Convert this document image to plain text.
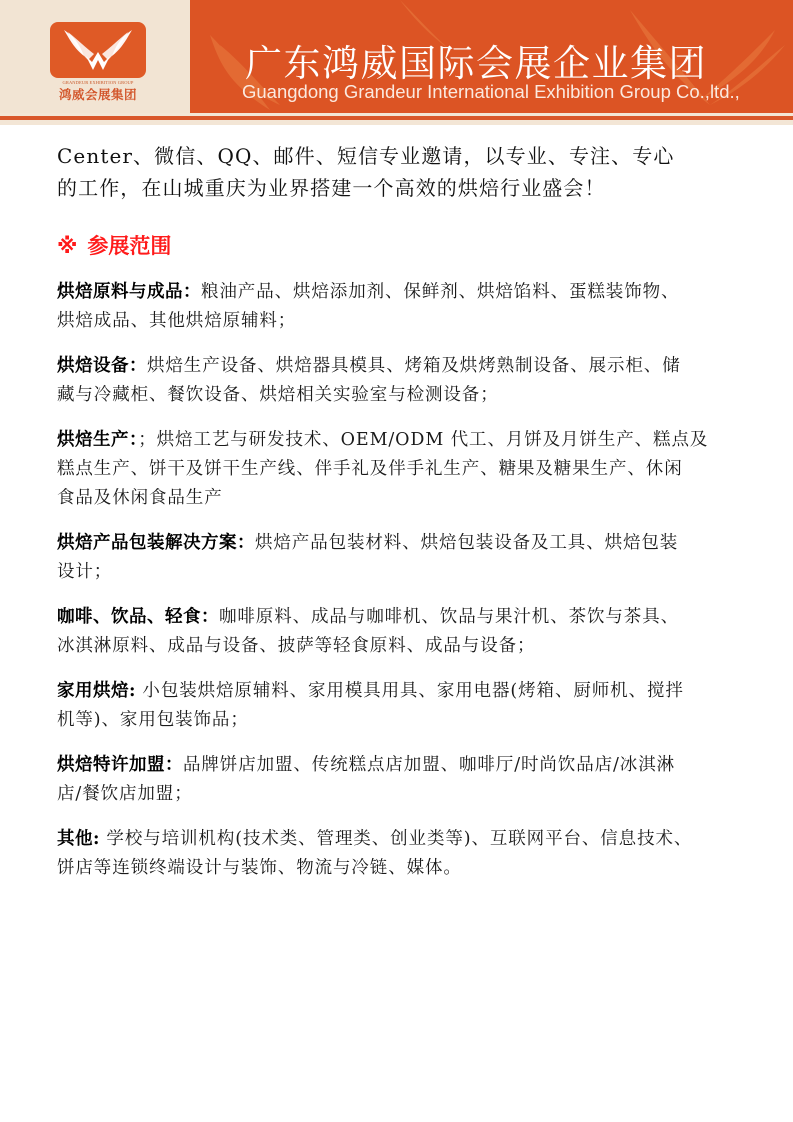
GRANDEUR EXHIBITION GROUP
鸿威会展集团
广东鸿威国际会展企业集团
Guangdong Grandeur International Exhibition Group Co.,ltd.,

Center、微信、QQ、邮件、短信专业邀请，以专业、专注、专心

的工作，在山城重庆为业界搭建一个高效的烘焙行业盛会！

※ 参展范围
烘焙原料与成品：粮油产品、烘焙添加剂、保鲜剂、烘焙馅料、蛋糕装饰物、
烘焙成品、其他烘焙原辅料；
烘焙设备：烘焙生产设备、烘焙器具模具、烤箱及烘烤熟制设备、展示柜、储
藏与冷藏柜、餐饮设备、烘焙相关实验室与检测设备；
烘焙生产：；烘焙工艺与研发技术、OEM/ODM 代工、月饼及月饼生产、糕点及
糕点生产、饼干及饼干生产线、伴手礼及伴手礼生产、糖果及糖果生产、休闲
食品及休闲食品生产
烘焙产品包装解决方案：烘焙产品包装材料、烘焙包装设备及工具、烘焙包装
设计；
咖啡、饮品、轻食：咖啡原料、成品与咖啡机、饮品与果汁机、茶饮与茶具、
冰淇淋原料、成品与设备、披萨等轻食原料、成品与设备；
家用烘焙: 小包装烘焙原辅料、家用模具用具、家用电器(烤箱、厨师机、搅拌
机等)、家用包装饰品；
烘焙特许加盟：品牌饼店加盟、传统糕点店加盟、咖啡厅/时尚饮品店/冰淇淋
店/餐饮店加盟；
其他: 学校与培训机构(技术类、管理类、创业类等)、互联网平台、信息技术、
饼店等连锁终端设计与装饰、物流与冷链、媒体。
